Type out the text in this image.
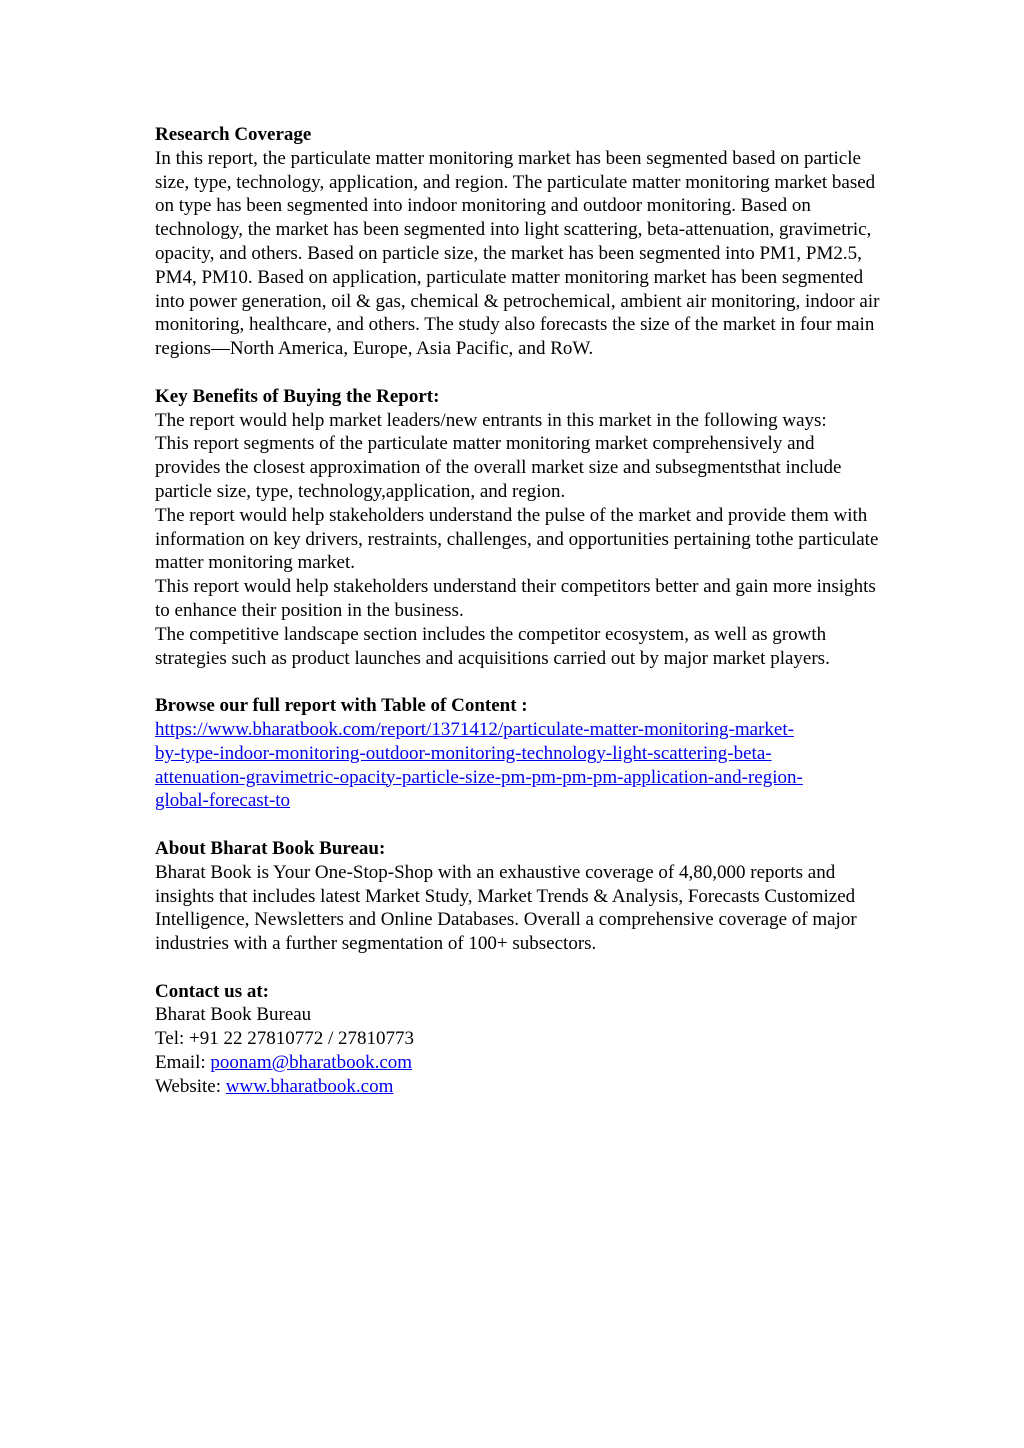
Research Coverage
In this report, the particulate matter monitoring market has been segmented based on particle size, type, technology, application, and region. The particulate matter monitoring market based on type has been segmented into indoor monitoring and outdoor monitoring. Based on technology, the market has been segmented into light scattering, beta-attenuation, gravimetric, opacity, and others. Based on particle size, the market has been segmented into PM1, PM2.5, PM4, PM10. Based on application, particulate matter monitoring market has been segmented into power generation, oil & gas, chemical & petrochemical, ambient air monitoring, indoor air monitoring, healthcare, and others. The study also forecasts the size of the market in four main regions—North America, Europe, Asia Pacific, and RoW.
Key Benefits of Buying the Report:
The report would help market leaders/new entrants in this market in the following ways:
This report segments of the particulate matter monitoring market comprehensively and provides the closest approximation of the overall market size and subsegmentsthat include particle size, type, technology,application, and region.
The report would help stakeholders understand the pulse of the market and provide them with information on key drivers, restraints, challenges, and opportunities pertaining tothe particulate matter monitoring market.
This report would help stakeholders understand their competitors better and gain more insights to enhance their position in the business.
The competitive landscape section includes the competitor ecosystem, as well as growth strategies such as product launches and acquisitions carried out by major market players.
Browse our full report with Table of Content :
https://www.bharatbook.com/report/1371412/particulate-matter-monitoring-market-
by-type-indoor-monitoring-outdoor-monitoring-technology-light-scattering-beta-
attenuation-gravimetric-opacity-particle-size-pm-pm-pm-pm-application-and-region-
global-forecast-to
About Bharat Book Bureau:
Bharat Book is Your One-Stop-Shop with an exhaustive coverage of 4,80,000 reports and insights that includes latest Market Study, Market Trends & Analysis, Forecasts Customized Intelligence, Newsletters and Online Databases. Overall a comprehensive coverage of major industries with a further segmentation of 100+ subsectors.
Contact us at:
Bharat Book Bureau
Tel: +91 22 27810772 / 27810773
Email: poonam@bharatbook.com
Website: www.bharatbook.com
